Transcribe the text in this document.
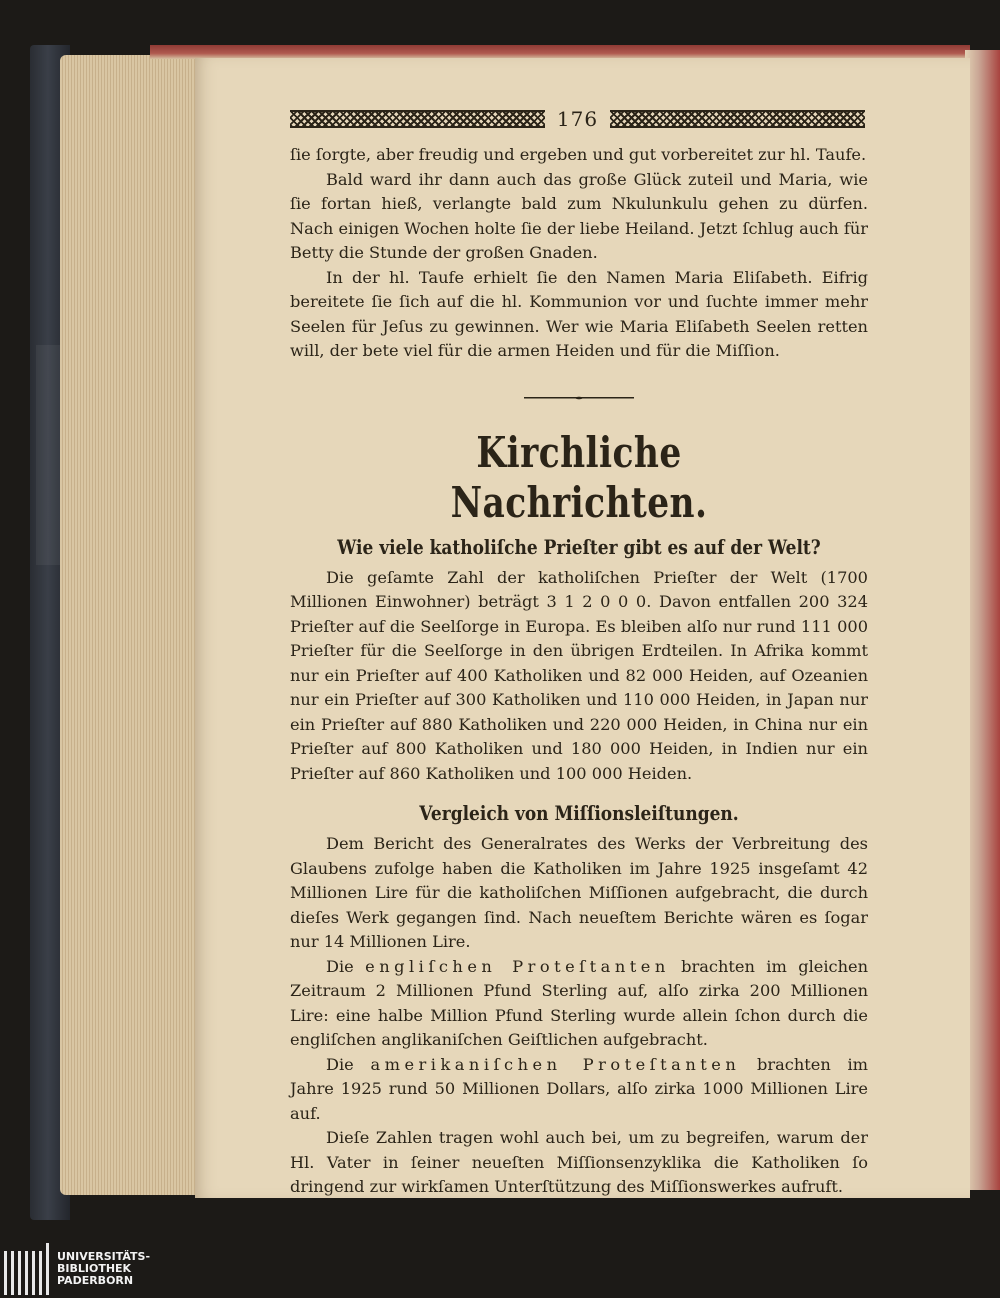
176

ſie ſorgte, aber freudig und ergeben und gut vorbereitet zur hl. Taufe.

Bald ward ihr dann auch das große Glück zuteil und Maria, wie ſie fortan hieß, verlangte bald zum Nkulunkulu gehen zu dürfen. Nach einigen Wochen holte ſie der liebe Heiland. Jetzt ſchlug auch für Betty die Stunde der großen Gnaden.

In der hl. Taufe erhielt ſie den Namen Maria Eliſabeth. Eifrig bereitete ſie ſich auf die hl. Kommunion vor und ſuchte immer mehr Seelen für Jeſus zu gewinnen. Wer wie Maria Eliſabeth Seelen retten will, der bete viel für die armen Heiden und für die Miſſion.

Kirchliche Nachrichten.
Wie viele katholiſche Prieſter gibt es auf der Welt?

Die geſamte Zahl der katholiſchen Prieſter der Welt (1700 Millionen Einwohner) beträgt 3 1 2 0 0 0. Davon entfallen 200 324 Prieſter auf die Seelſorge in Europa. Es bleiben alſo nur rund 111 000 Prieſter für die Seelſorge in den übrigen Erdteilen. In Afrika kommt nur ein Prieſter auf 400 Katholiken und 82 000 Heiden, auf Ozeanien nur ein Prieſter auf 300 Katholiken und 110 000 Heiden, in Japan nur ein Prieſter auf 880 Katholiken und 220 000 Heiden, in China nur ein Prieſter auf 800 Katholiken und 180 000 Heiden, in Indien nur ein Prieſter auf 860 Katholiken und 100 000 Heiden.

Vergleich von Miſſionsleiſtungen.

Dem Bericht des Generalrates des Werks der Verbreitung des Glaubens zufolge haben die Katholiken im Jahre 1925 insgeſamt 42 Millionen Lire für die katholiſchen Miſſionen aufgebracht, die durch dieſes Werk gegangen ſind. Nach neueſtem Berichte wären es ſogar nur 14 Millionen Lire.

Die engliſchen Proteſtanten brachten im gleichen Zeitraum 2 Millionen Pfund Sterling auf, alſo zirka 200 Millionen Lire: eine halbe Million Pfund Sterling wurde allein ſchon durch die engliſchen anglikaniſchen Geiſtlichen aufgebracht.

Die amerikaniſchen Proteſtanten brachten im Jahre 1925 rund 50 Millionen Dollars, alſo zirka 1000 Millionen Lire auf.

Dieſe Zahlen tragen wohl auch bei, um zu begreifen, warum der Hl. Vater in ſeiner neueſten Miſſionsenzyklika die Katholiken ſo dringend zur wirkſamen Unterſtützung des Miſſionswerkes aufruft.

UNIVERSITÄTS-
BIBLIOTHEK
PADERBORN
